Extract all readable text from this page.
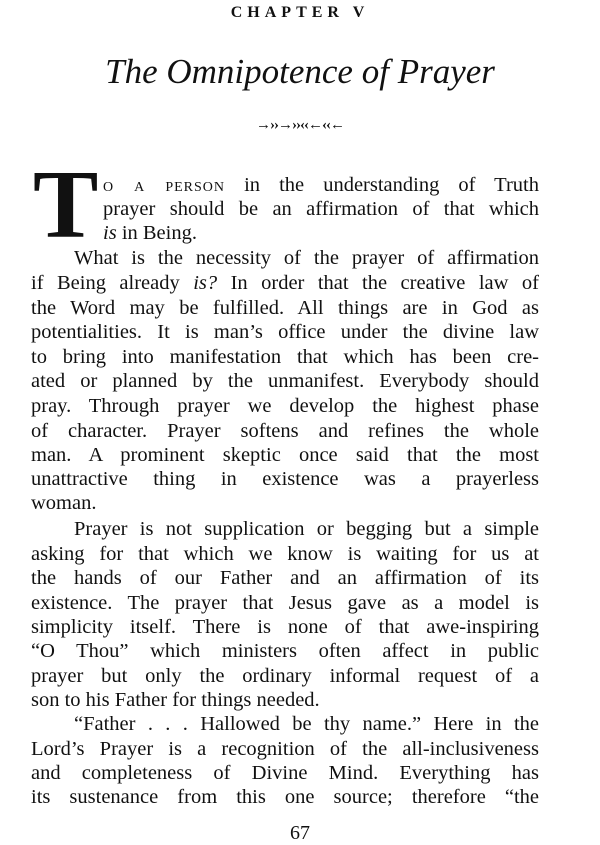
CHAPTER V
The Omnipotence of Prayer
→››→››‹‹←‹‹←
T o a person in the understanding of Truth
prayer should be an affirmation of that which
is in Being.
What is the necessity of the prayer of affirmation
if Being already is? In order that the creative law of
the Word may be fulfilled. All things are in God as
potentialities. It is man’s office under the divine law
to bring into manifestation that which has been cre-
ated or planned by the unmanifest. Everybody should
pray. Through prayer we develop the highest phase
of character. Prayer softens and refines the whole
man. A prominent skeptic once said that the most
unattractive thing in existence was a prayerless
woman.
Prayer is not supplication or begging but a simple
asking for that which we know is waiting for us at
the hands of our Father and an affirmation of its
existence. The prayer that Jesus gave as a model is
simplicity itself. There is none of that awe-inspiring
“O Thou” which ministers often affect in public
prayer but only the ordinary informal request of a
son to his Father for things needed.
“Father . . . Hallowed be thy name.” Here in the
Lord’s Prayer is a recognition of the all-inclusiveness
and completeness of Divine Mind. Everything has
its sustenance from this one source; therefore “the
67
